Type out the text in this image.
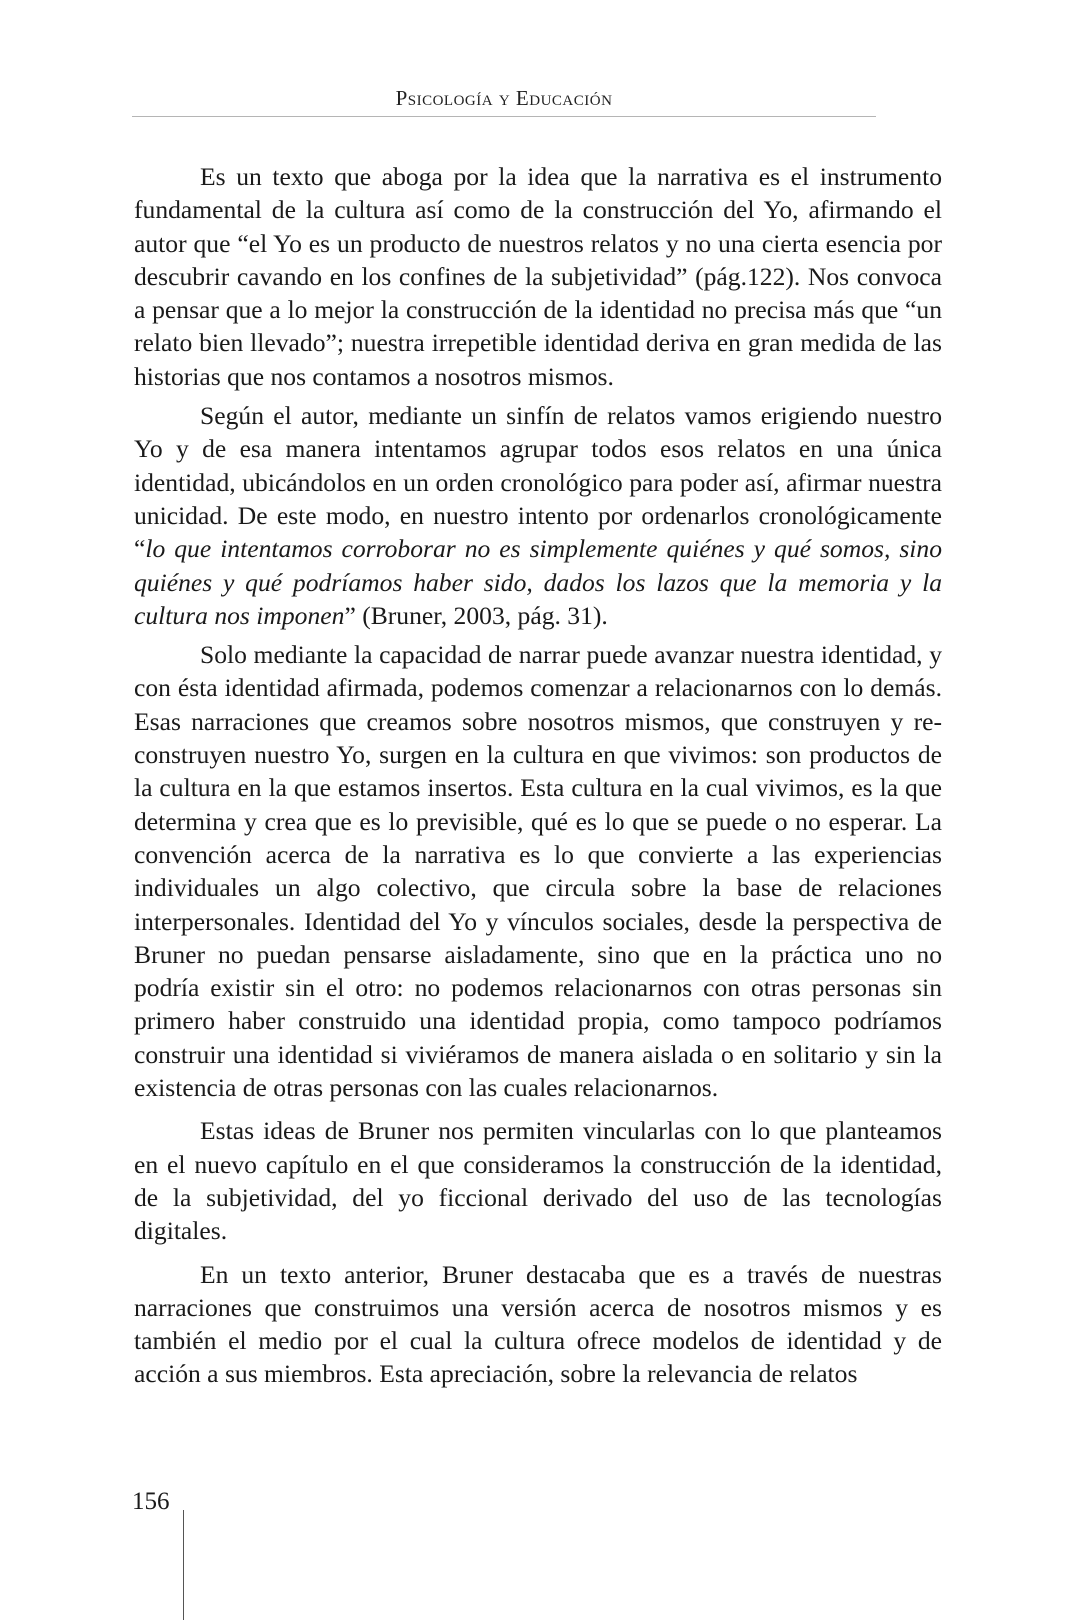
Psicología y Educación

Es un texto que aboga por la idea que la narrativa es el instrumento fundamental de la cultura así como de la construcción del Yo, afirmando el autor que “el Yo es un producto de nuestros relatos y no una cierta esencia por descubrir cavando en los confines de la subjetividad” (pág.122). Nos convoca a pensar que a lo mejor la construcción de la identidad no precisa más que “un relato bien llevado”; nuestra irrepetible identidad deriva en gran medida de las historias que nos contamos a nosotros mismos.

Según el autor, mediante un sinfín de relatos vamos erigiendo nuestro Yo y de esa manera intentamos agrupar todos esos relatos en una única identidad, ubicándolos en un orden cronológico para poder así, afirmar nuestra unicidad. De este modo, en nuestro intento por ordenarlos cronológicamente “lo que intentamos corroborar no es simplemente quiénes y qué somos, sino quiénes y qué podríamos haber sido, dados los lazos que la memoria y la cultura nos imponen” (Bruner, 2003, pág. 31).

Solo mediante la capacidad de narrar puede avanzar nuestra identidad, y con ésta identidad afirmada, podemos comenzar a relacionarnos con lo demás. Esas narraciones que creamos sobre nosotros mismos, que construyen y re-construyen nuestro Yo, surgen en la cultura en que vivimos: son productos de la cultura en la que estamos insertos. Esta cultura en la cual vivimos, es la que determina y crea que es lo previsible, qué es lo que se puede o no esperar. La convención acerca de la narrativa es lo que convierte a las experiencias individuales un algo colectivo, que circula sobre la base de relaciones interpersonales. Identidad del Yo y vínculos sociales, desde la perspectiva de Bruner no puedan pensarse aisladamente, sino que en la práctica uno no podría existir sin el otro: no podemos relacionarnos con otras personas sin primero haber construido una identidad propia, como tampoco podríamos construir una identidad si viviéramos de manera aislada o en solitario y sin la existencia de otras personas con las cuales relacionarnos.

Estas ideas de Bruner nos permiten vincularlas con lo que planteamos en el nuevo capítulo en el que consideramos la construcción de la identidad, de la subjetividad, del yo ficcional derivado del uso de las tecnologías digitales.

En un texto anterior, Bruner destacaba que es a través de nuestras narraciones que construimos una versión acerca de nosotros mismos y es también el medio por el cual la cultura ofrece modelos de identidad y de acción a sus miembros. Esta apreciación, sobre la relevancia de relatos

156
